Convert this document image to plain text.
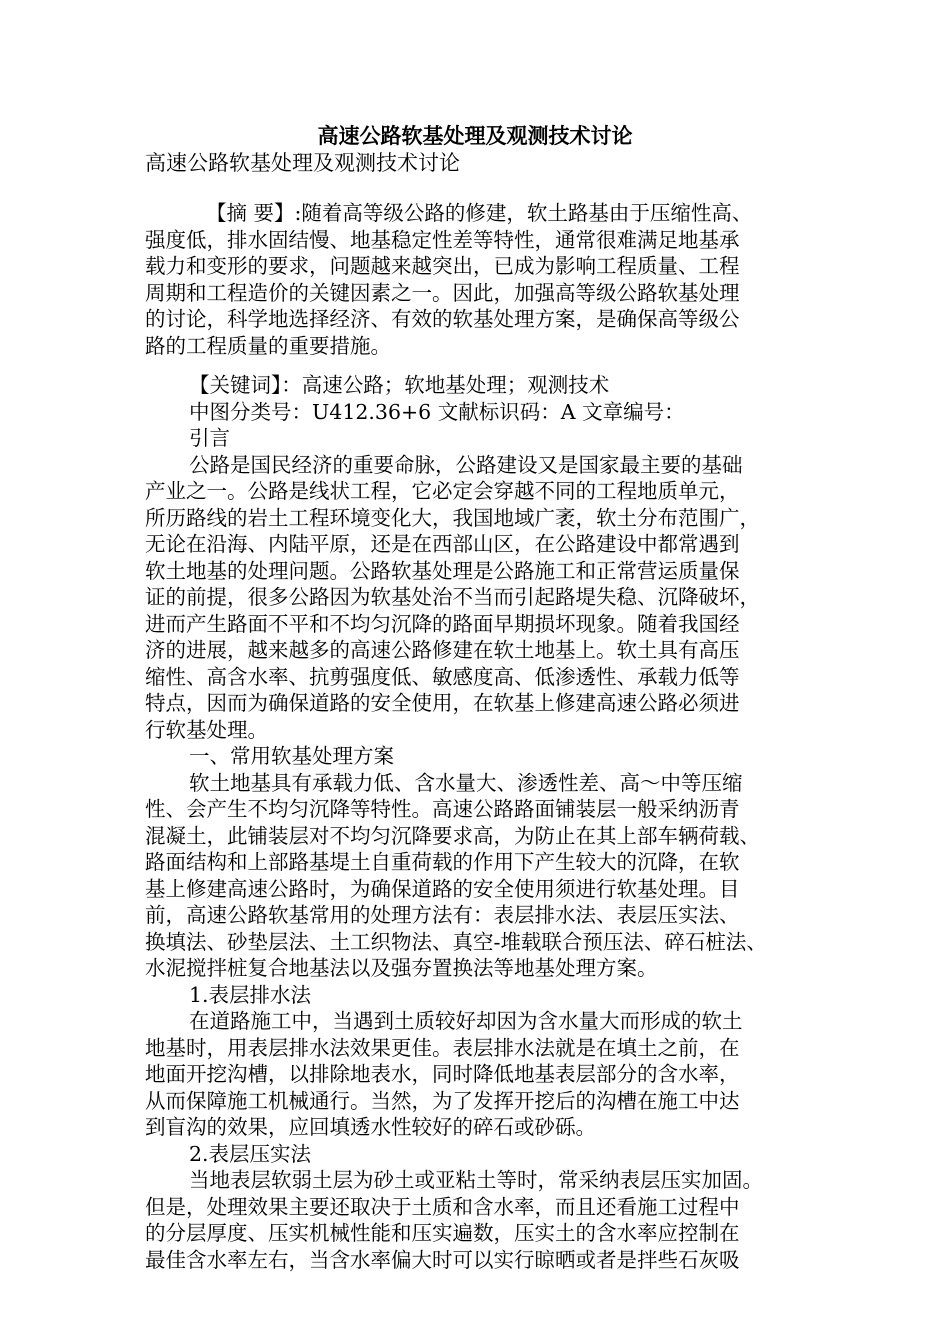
高速公路软基处理及观测技术讨论
高速公路软基处理及观测技术讨论
【摘 要】:随着高等级公路的修建，软土路基由于压缩性高、
强度低，排水固结慢、地基稳定性差等特性，通常很难满足地基承
载力和变形的要求，问题越来越突出，已成为影响工程质量、工程
周期和工程造价的关键因素之一。因此，加强高等级公路软基处理
的讨论，科学地选择经济、有效的软基处理方案，是确保高等级公
路的工程质量的重要措施。
【关键词】：高速公路；软地基处理；观测技术
中图分类号：U412.36+6 文献标识码：A 文章编号：
引言
公路是国民经济的重要命脉，公路建设又是国家最主要的基础
产业之一。公路是线状工程，它必定会穿越不同的工程地质单元，
所历路线的岩土工程环境变化大，我国地域广袤，软土分布范围广，
无论在沿海、内陆平原，还是在西部山区，在公路建设中都常遇到
软土地基的处理问题。公路软基处理是公路施工和正常营运质量保
证的前提，很多公路因为软基处治不当而引起路堤失稳、沉降破坏，
进而产生路面不平和不均匀沉降的路面早期损坏现象。随着我国经
济的进展，越来越多的高速公路修建在软土地基上。软土具有高压
缩性、高含水率、抗剪强度低、敏感度高、低渗透性、承载力低等
特点，因而为确保道路的安全使用，在软基上修建高速公路必须进
行软基处理。
一、常用软基处理方案
软土地基具有承载力低、含水量大、渗透性差、高～中等压缩
性、会产生不均匀沉降等特性。高速公路路面铺装层一般采纳沥青
混凝土，此铺装层对不均匀沉降要求高，为防止在其上部车辆荷载、
路面结构和上部路基堤土自重荷载的作用下产生较大的沉降，在软
基上修建高速公路时，为确保道路的安全使用须进行软基处理。目
前，高速公路软基常用的处理方法有：表层排水法、表层压实法、
换填法、砂垫层法、土工织物法、真空-堆载联合预压法、碎石桩法、
水泥搅拌桩复合地基法以及强夯置换法等地基处理方案。
1.表层排水法
在道路施工中，当遇到土质较好却因为含水量大而形成的软土
地基时，用表层排水法效果更佳。表层排水法就是在填土之前，在
地面开挖沟槽，以排除地表水，同时降低地基表层部分的含水率，
从而保障施工机械通行。当然，为了发挥开挖后的沟槽在施工中达
到盲沟的效果，应回填透水性较好的碎石或砂砾。
2.表层压实法
当地表层软弱土层为砂土或亚粘土等时，常采纳表层压实加固。
但是，处理效果主要还取决于土质和含水率，而且还看施工过程中
的分层厚度、压实机械性能和压实遍数，压实土的含水率应控制在
最佳含水率左右，当含水率偏大时可以实行晾晒或者是拌些石灰吸
